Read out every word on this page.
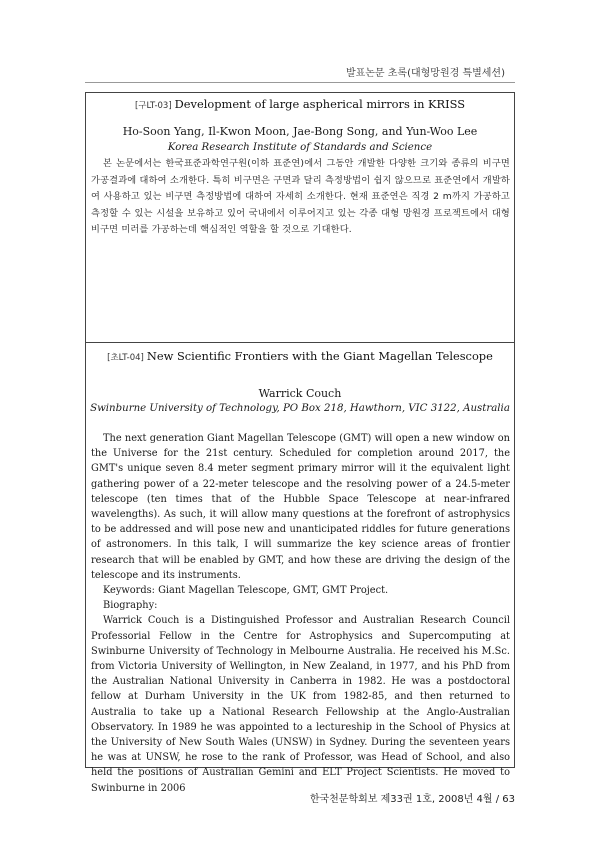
발표논문 초록(대형망원경 특별세션)
[구LT-03] Development of large aspherical mirrors in KRISS
Ho-Soon Yang, Il-Kwon Moon, Jae-Bong Song, and Yun-Woo Lee
Korea Research Institute of Standards and Science

본 논문에서는 한국표준과학연구원(이하 표준연)에서 그동안 개발한 다양한 크기와 종류의 비구면 가공결과에 대하여 소개한다. 특히 비구면은 구면과 달리 측정방법이 쉽지 않으므로 표준연에서 개발하여 사용하고 있는 비구면 측정방법에 대하여 자세히 소개한다. 현재 표준연은 직경 2 m까지 가공하고 측정할 수 있는 시설을 보유하고 있어 국내에서 이루어지고 있는 각종 대형 망원경 프로젝트에서 대형 비구면 미러를 가공하는데 핵심적인 역할을 할 것으로 기대한다.

[초LT-04] New Scientific Frontiers with the Giant Magellan Telescope
Warrick Couch
Swinburne University of Technology, PO Box 218, Hawthorn, VIC 3122, Australia
The next generation Giant Magellan Telescope (GMT) will open a new window on the Universe for the 21st century. Scheduled for completion around 2017, the GMT's unique seven 8.4 meter segment primary mirror will it the equivalent light gathering power of a 22-meter telescope and the resolving power of a 24.5-meter telescope (ten times that of the Hubble Space Telescope at near-infrared wavelengths). As such, it will allow many questions at the forefront of astrophysics to be addressed and will pose new and unanticipated riddles for future generations of astronomers. In this talk, I will summarize the key science areas of frontier research that will be enabled by GMT, and how these are driving the design of the telescope and its instruments.
Keywords: Giant Magellan Telescope, GMT, GMT Project.
Biography:
Warrick Couch is a Distinguished Professor and Australian Research Council Professorial Fellow in the Centre for Astrophysics and Supercomputing at Swinburne University of Technology in Melbourne Australia. He received his M.Sc. from Victoria University of Wellington, in New Zealand, in 1977, and his PhD from the Australian National University in Canberra in 1982. He was a postdoctoral fellow at Durham University in the UK from 1982-85, and then returned to Australia to take up a National Research Fellowship at the Anglo-Australian Observatory. In 1989 he was appointed to a lectureship in the School of Physics at the University of New South Wales (UNSW) in Sydney. During the seventeen years he was at UNSW, he rose to the rank of Professor, was Head of School, and also held the positions of Australian Gemini and ELT Project Scientists. He moved to Swinburne in 2006
한국천문학회보 제33권 1호, 2008년 4월 / 63
